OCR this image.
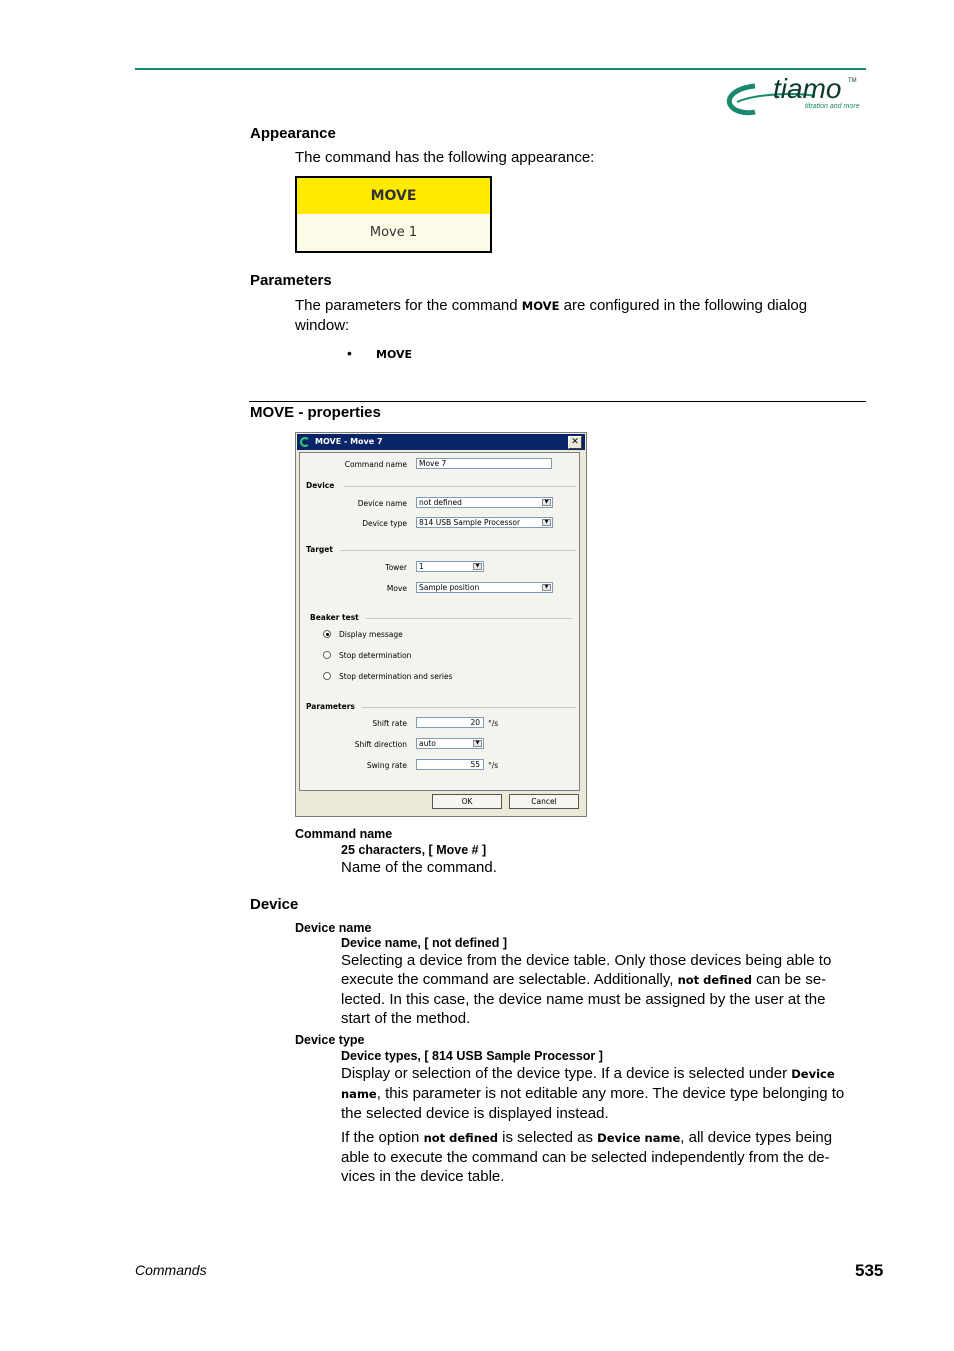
tiamo TM
titration and more
Appearance
The command has the following appearance:
MOVE
Move 1
Parameters
The parameters for the command MOVE are configured in the following dialog
window:
• MOVE
MOVE - properties
MOVE - Move 7	✕
Command name	Move 7
Device
Device name	not defined	▼
Device type	814 USB Sample Processor	▼
Target
Tower	1	▼
Move	Sample position	▼
Beaker test
Display message
Stop determination
Stop determination and series
Parameters
Shift rate	20	°/s
Shift direction	auto	▼
Swing rate	55	°/s
OK	Cancel
Command name
25 characters, [ Move # ]
Name of the command.
Device
Device name
Device name, [ not defined ]
Selecting a device from the device table. Only those devices being able to
execute the command are selectable. Additionally, not defined can be se-
lected. In this case, the device name must be assigned by the user at the
start of the method.
Device type
Device types, [ 814 USB Sample Processor ]
Display or selection of the device type. If a device is selected under Device
name, this parameter is not editable any more. The device type belonging to
the selected device is displayed instead.
If the option not defined is selected as Device name, all device types being
able to execute the command can be selected independently from the de-
vices in the device table.
Commands	535
